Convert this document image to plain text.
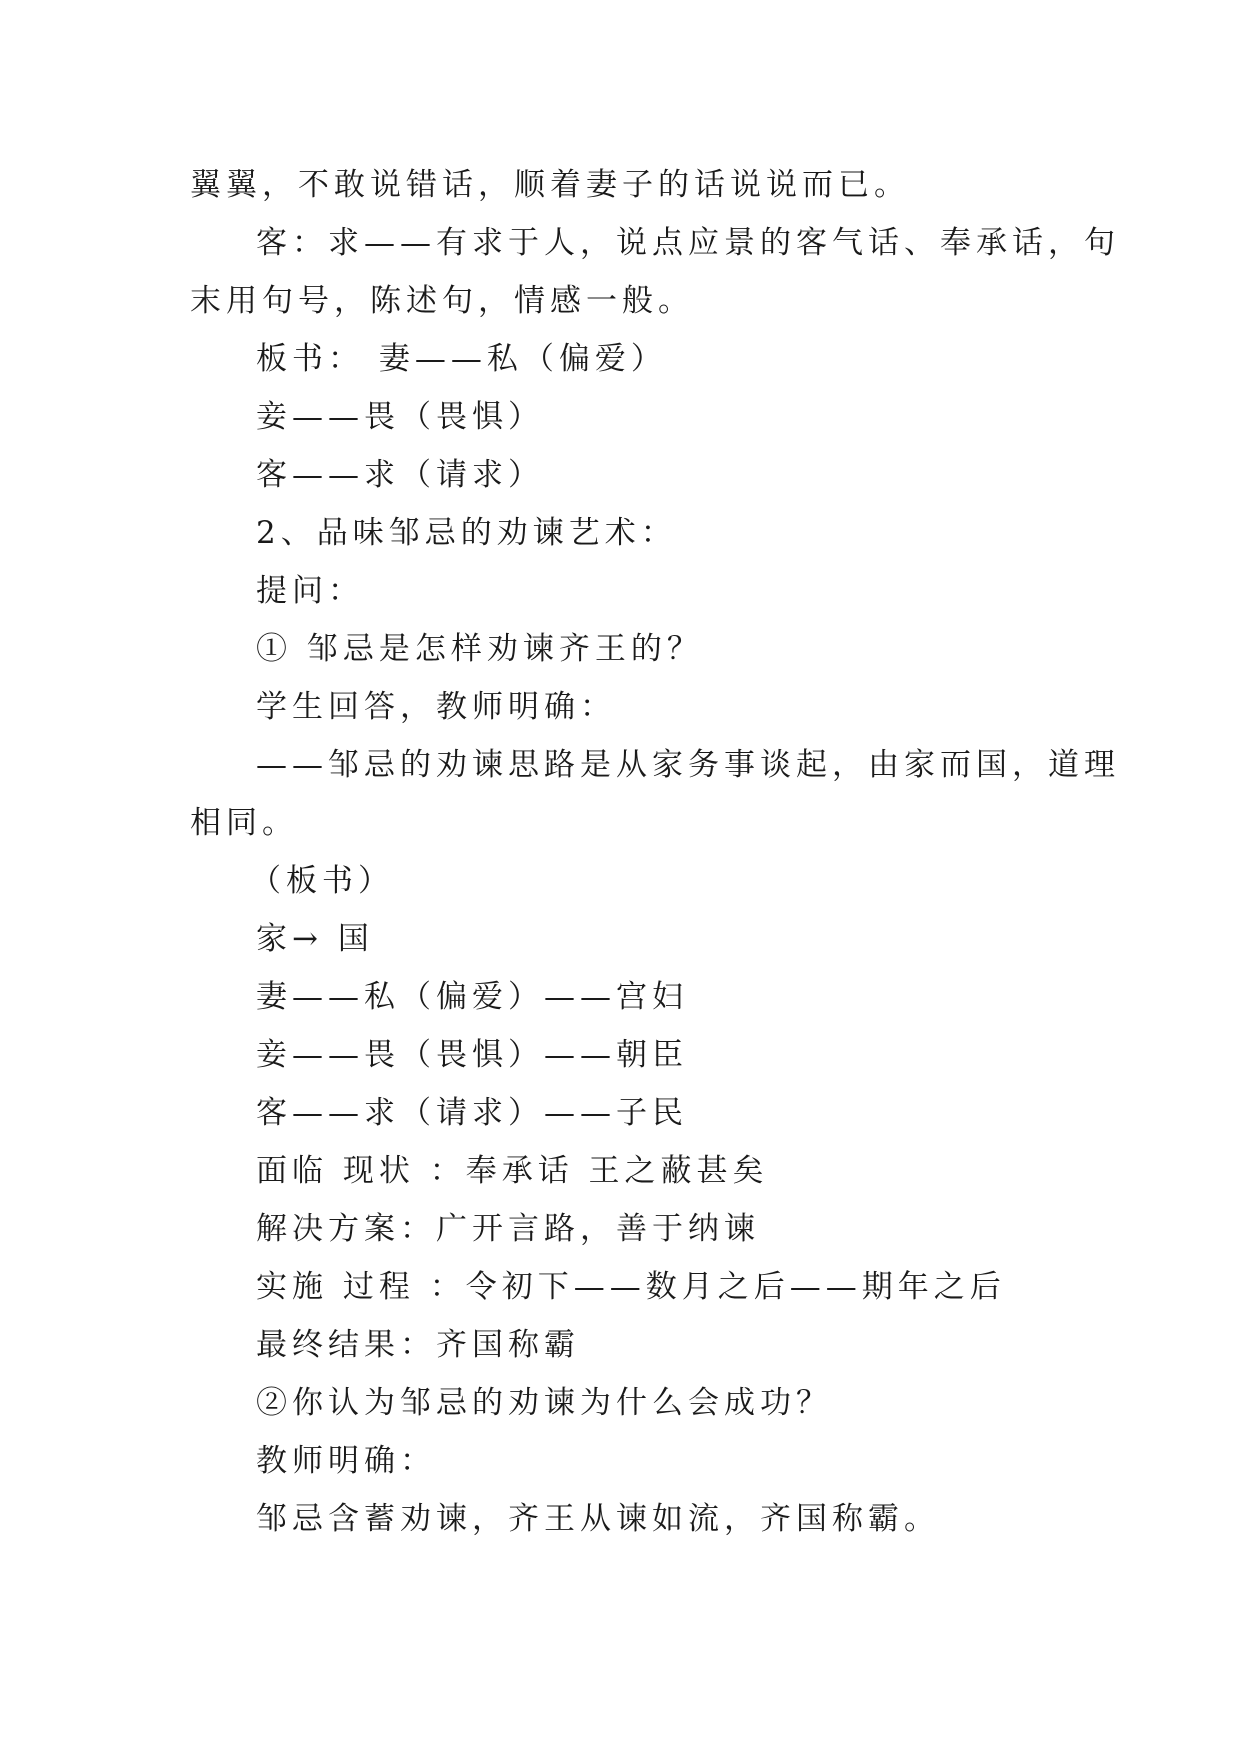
翼翼，不敢说错话，顺着妻子的话说说而已。
客：求——有求于人，说点应景的客气话、奉承话，句
末用句号，陈述句，情感一般。
板书： 妻——私（偏爱）
妾——畏（畏惧）
客——求（请求）
2、品味邹忌的劝谏艺术：
提问：
① 邹忌是怎样劝谏齐王的？
学生回答，教师明确：
——邹忌的劝谏思路是从家务事谈起，由家而国，道理
相同。
（板书）
家→ 国
妻——私（偏爱）——宫妇
妾——畏（畏惧）——朝臣
客——求（请求）——子民
面临 现状 ：奉承话 王之蔽甚矣
解决方案：广开言路，善于纳谏
实施 过程 ：令初下——数月之后——期年之后
最终结果：齐国称霸
②你认为邹忌的劝谏为什么会成功？
教师明确：
邹忌含蓄劝谏，齐王从谏如流，齐国称霸。
